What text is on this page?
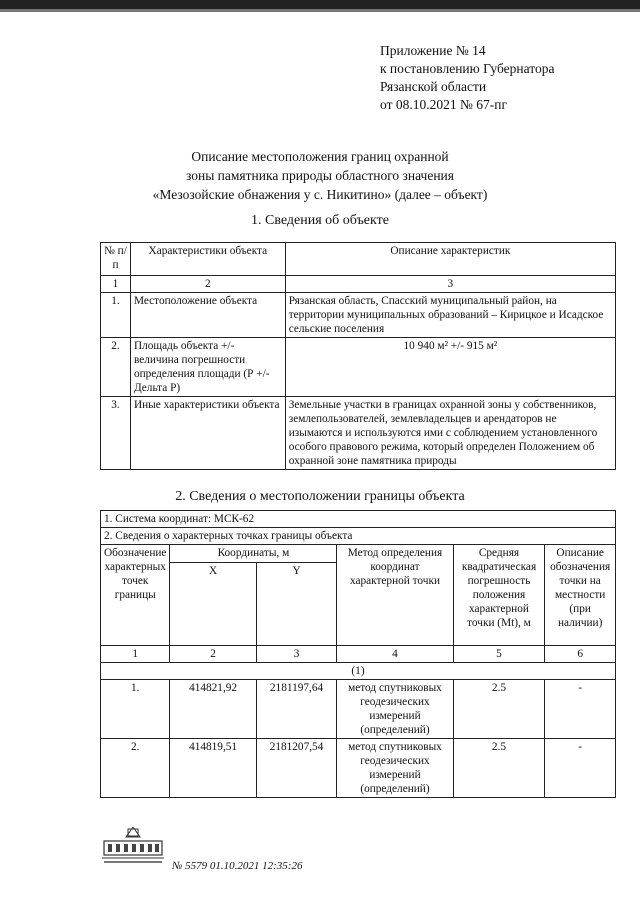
Приложение № 14
к постановлению Губернатора
Рязанской области
от 08.10.2021 № 67-пг
Описание местоположения границ охранной
зоны памятника природы областного значения
«Мезозойские обнажения у с. Никитино» (далее – объект)
1. Сведения об объекте
№ п/п	Характеристики объекта	Описание характеристик
1	2	3
1.	Местоположение объекта	Рязанская область, Спасский муниципальный район, на территории муниципальных образований – Кирицкое и Исадское сельские поселения
2.	Площадь объекта +/- величина погрешности определения площади (Р +/- Дельта Р)	10 940 м² +/- 915 м²
3.	Иные характеристики объекта	Земельные участки в границах охранной зоны у собственников, землепользователей, землевладельцев и арендаторов не изымаются и используются ими с соблюдением установленного особого правового режима, который определен Положением об охранной зоне памятника природы
2. Сведения о местоположении границы объекта
1. Система координат: МСК-62					
2. Сведения о характерных точках границы объекта					
Обозначение характерных точек границы	Координаты, м		Метод определения координат характерной точки	Средняя квадратическая погрешность положения характерной точки (Mt), м	Описание обозначения точки на местности (при наличии)
	X	Y			
1	2	3	4	5	6
(1)					
1.	414821,92	2181197,64	метод спутниковых геодезических измерений (определений)	2.5	-
2.	414819,51	2181207,54	метод спутниковых геодезических измерений (определений)	2.5	-
№ 5579 01.10.2021 12:35:26
